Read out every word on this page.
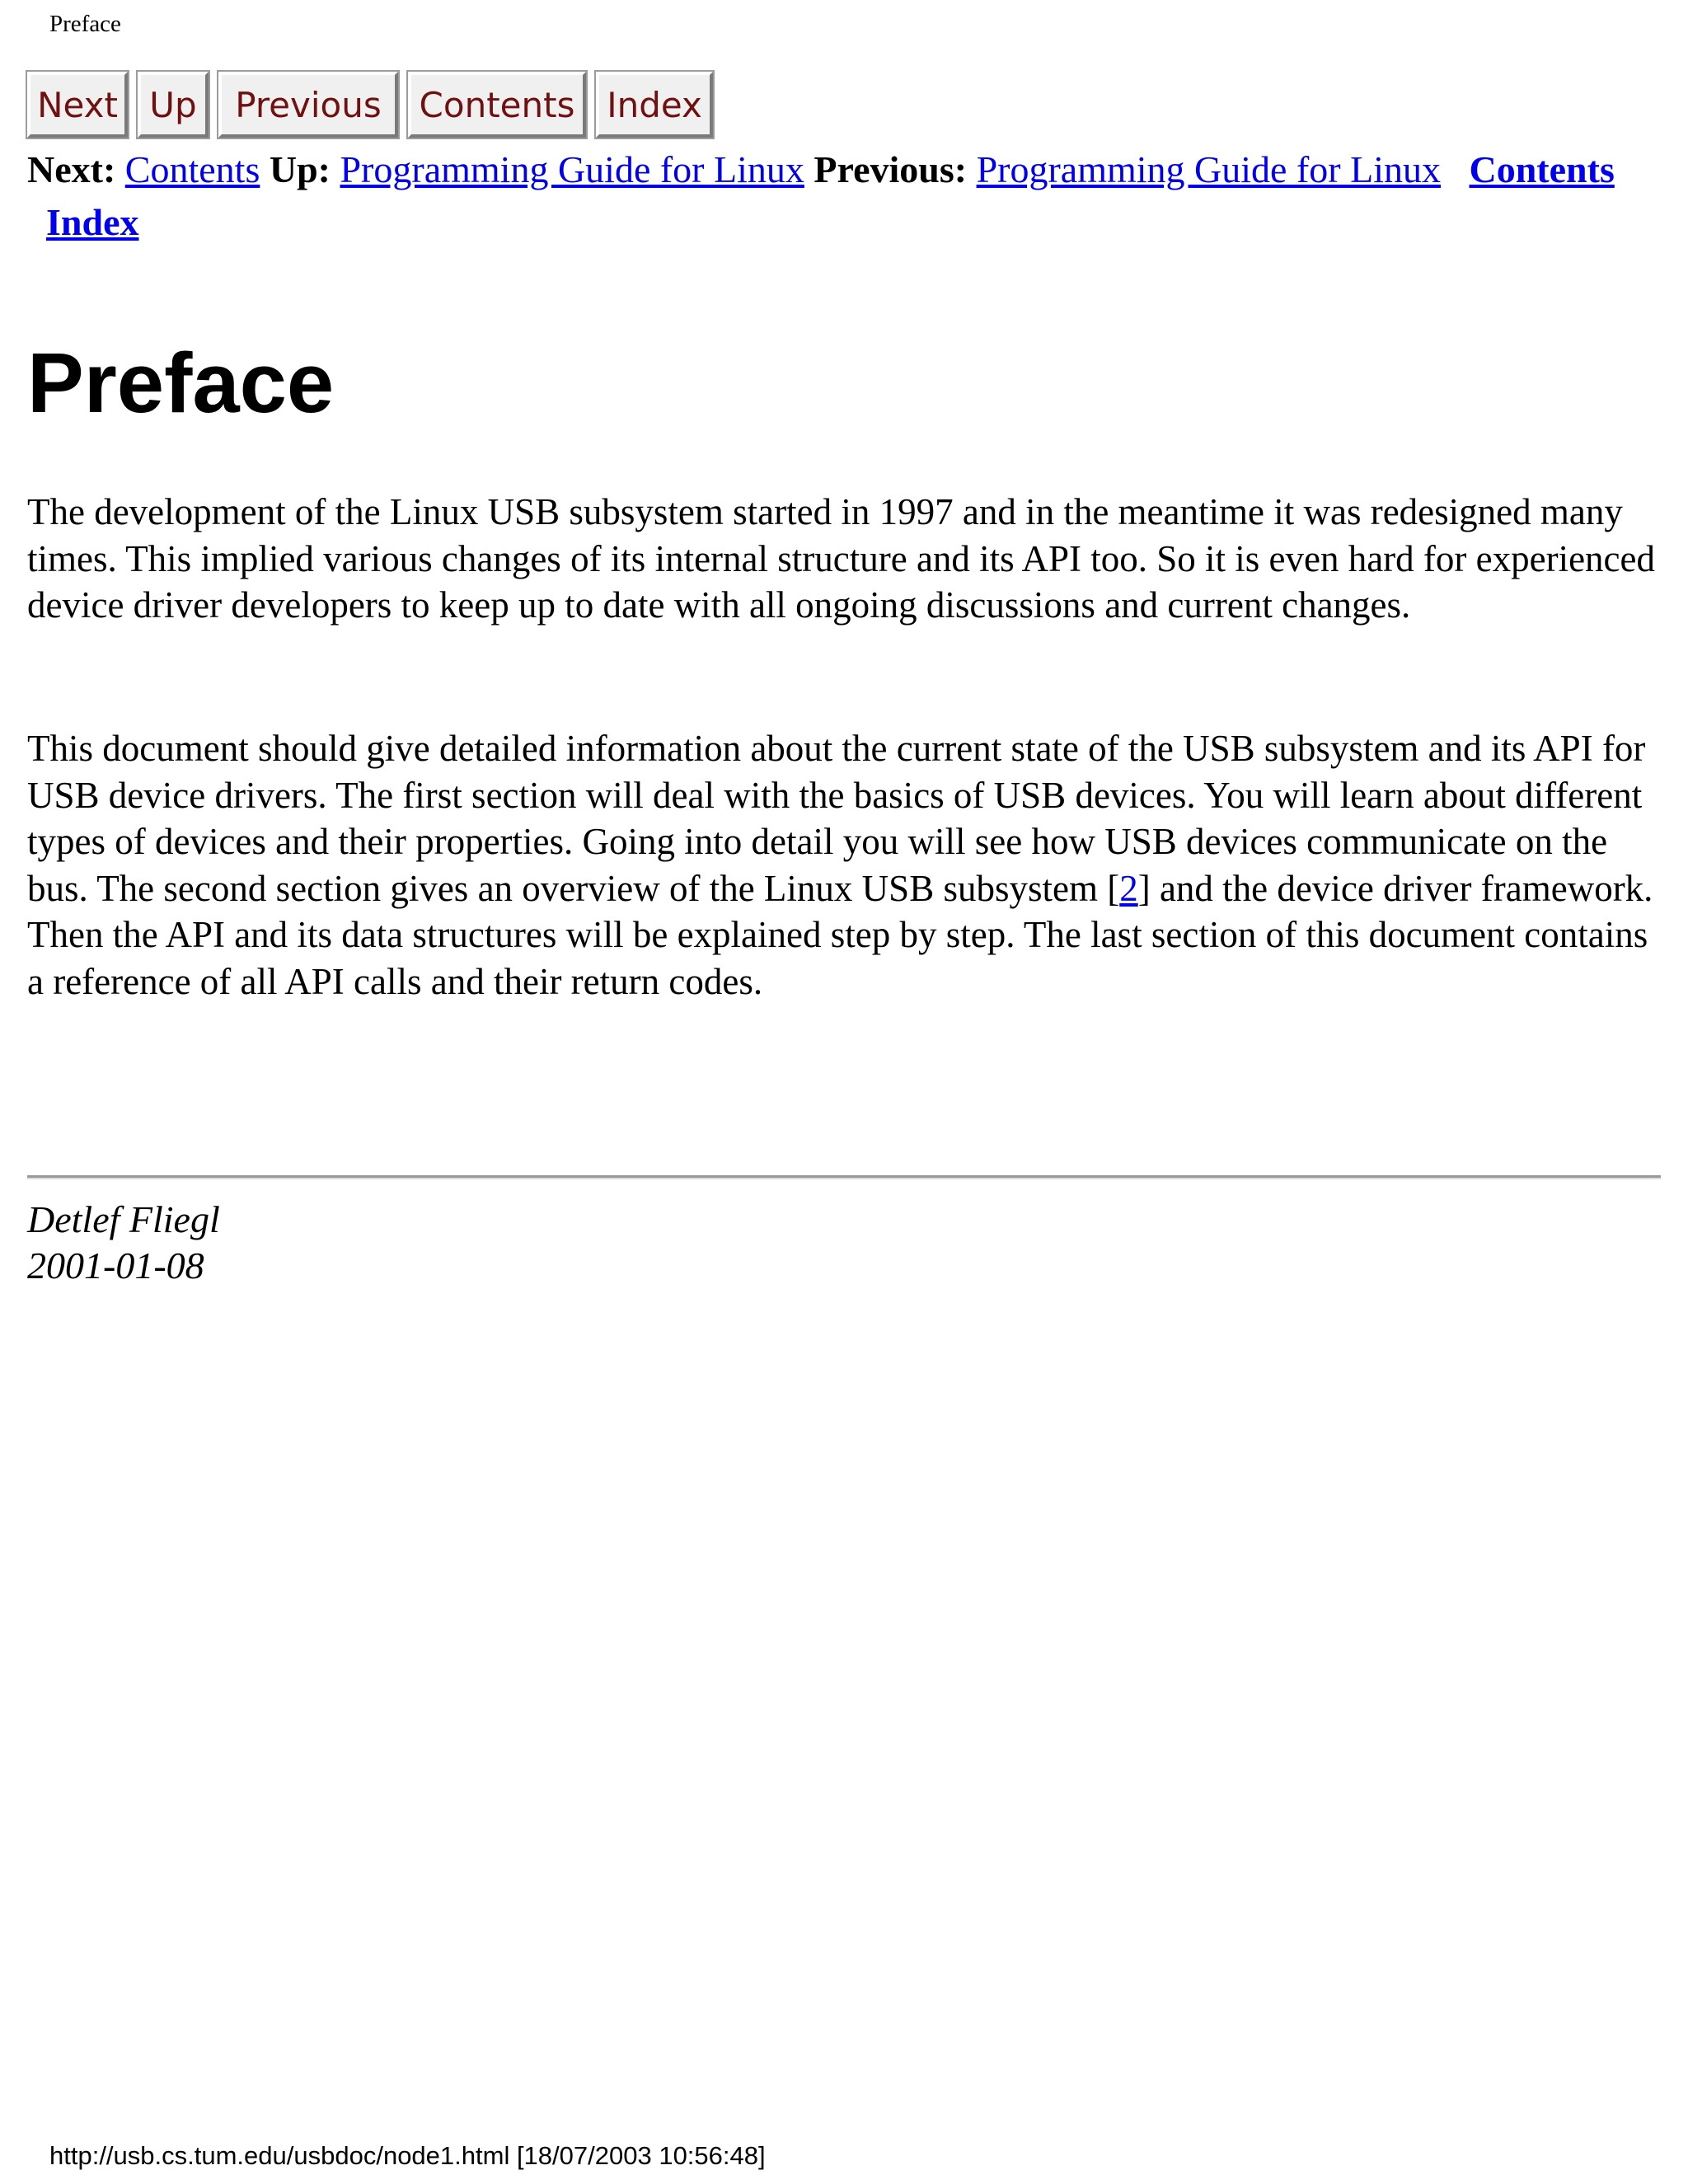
Preface
Next Up	Previous	Contents Index
Next: Contents Up: Programming Guide for Linux Previous: Programming Guide for Linux Contents
Index
Preface

The development of the Linux USB subsystem started in 1997 and in the meantime it was redesigned many times. This implied various changes of its internal structure and its API too. So it is even hard for experienced device driver developers to keep up to date with all ongoing discussions and current changes.

This document should give detailed information about the current state of the USB subsystem and its API for USB device drivers. The first section will deal with the basics of USB devices. You will learn about different types of devices and their properties. Going into detail you will see how USB devices communicate on the bus. The second section gives an overview of the Linux USB subsystem [2] and the device driver framework. Then the API and its data structures will be explained step by step. The last section of this document contains a reference of all API calls and their return codes.

Detlef Fliegl
2001-01-08
http://usb.cs.tum.edu/usbdoc/node1.html [18/07/2003 10:56:48]
